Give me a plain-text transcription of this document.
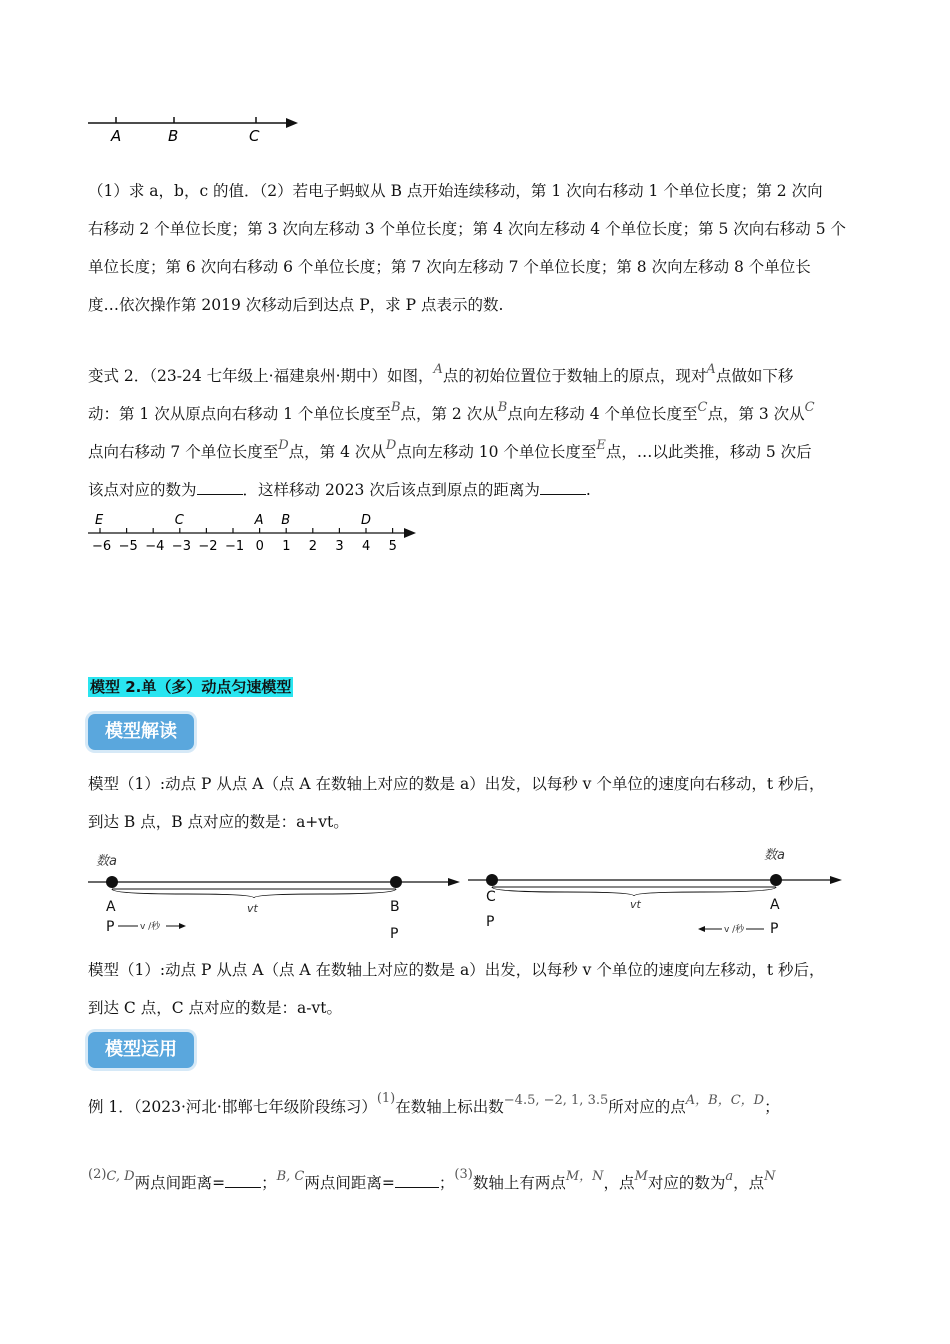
A	B	C
（1）求 a，b，c 的值．（2）若电子蚂蚁从 B 点开始连续移动，第 1 次向右移动 1 个单位长度；第 2 次向
右移动 2 个单位长度；第 3 次向左移动 3 个单位长度；第 4 次向左移动 4 个单位长度；第 5 次向右移动 5 个
单位长度；第 6 次向右移动 6 个单位长度；第 7 次向左移动 7 个单位长度；第 8 次向左移动 8 个单位长
度…依次操作第 2019 次移动后到达点 P，求 P 点表示的数.
变式 2．（23-24 七年级上·福建泉州·期中）如图，$^A$点的初始位置位于数轴上的原点，现对$^A$点做如下移
动：第 1 次从原点向右移动 1 个单位长度至$^B$点，第 2 次从$^B$点向左移动 4 个单位长度至$^C$点，第 3 次从$^C$
点向右移动 7 个单位长度至$^D$点，第 4 次从$^D$点向左移动 10 个单位长度至$^E$点，…以此类推，移动 5 次后
该点对应的数为	．这样移动 2023 次后该点到原点的距离为	.
−6 −5 −4 −3 −2 −1 0 1 2 3 4 5
E	C	A B	D
模型 2.单（多）动点匀速模型
模型解读
模型（1）:动点 P 从点 A（点 A 在数轴上对应的数是 a）出发，以每秒 v 个单位的速度向右移动，t 秒后，
到达 B 点，B 点对应的数是：a+vt。
数a
vt
A	B
P	v /秒	P
数a
vt
C	A
P	v /秒 P
模型（1）:动点 P 从点 A（点 A 在数轴上对应的数是 a）出发，以每秒 v 个单位的速度向左移动，t 秒后，
到达 C 点，C 点对应的数是：a-vt。
模型运用
例 1．（2023·河北·邯郸七年级阶段练习）$^{(1)}$在数轴上标出数$^{-4.5, -2, 1, 3.5}$所对应的点$^{A,B,C,D}$；
$^{(2)C, D}$两点间距离= ；$^{B, C}$两点间距离=	；$^{(3)}$数轴上有两点$^{M,N}$，点$^M$对应的数为$^a$，点$^N$
